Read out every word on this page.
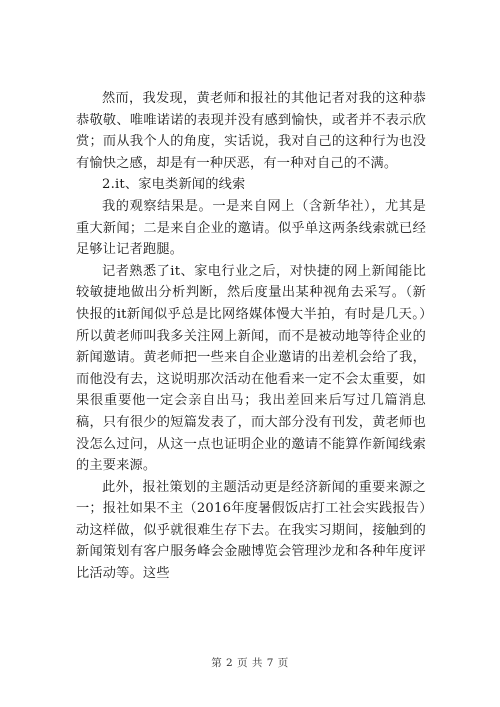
然而，我发现，黄老师和报社的其他记者对我的这种恭恭敬敬、唯唯诺诺的表现并没有感到愉快，或者并不表示欣赏；而从我个人的角度，实话说，我对自己的这种行为也没有愉快之感，却是有一种厌恶，有一种对自己的不满。

2.it、家电类新闻的线索

我的观察结果是。一是来自网上（含新华社），尤其是重大新闻；二是来自企业的邀请。似乎单这两条线索就已经足够让记者跑腿。

记者熟悉了it、家电行业之后，对快捷的网上新闻能比较敏捷地做出分析判断，然后度量出某种视角去采写。（新快报的it新闻似乎总是比网络媒体慢大半拍，有时是几天。）所以黄老师叫我多关注网上新闻，而不是被动地等待企业的新闻邀请。黄老师把一些来自企业邀请的出差机会给了我，而他没有去，这说明那次活动在他看来一定不会太重要，如果很重要他一定会亲自出马；我出差回来后写过几篇消息稿，只有很少的短篇发表了，而大部分没有刊发，黄老师也没怎么过问，从这一点也证明企业的邀请不能算作新闻线索的主要来源。

此外，报社策划的主题活动更是经济新闻的重要来源之一；报社如果不主（2016年度暑假饭店打工社会实践报告）动这样做，似乎就很难生存下去。在我实习期间，接触到的新闻策划有客户服务峰会金融博览会管理沙龙和各种年度评比活动等。这些

第 2 页 共 7 页
